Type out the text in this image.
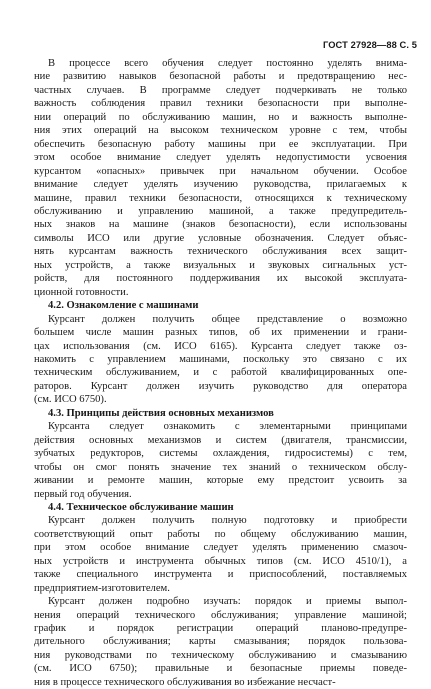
ГОСТ 27928—88 С. 5

В процессе всего обучения следует постоянно уделять внима-
ние развитию навыков безопасной работы и предотвращению нес-
частных случаев. В программе следует подчеркивать не только
важность соблюдения правил техники безопасности при выполне-
нии операций по обслуживанию машин, но и важность выполне-
ния этих операций на высоком техническом уровне с тем, чтобы
обеспечить безопасную работу машины при ее эксплуатации. При
этом особое внимание следует уделять недопустимости усвоения
курсантом «опасных» привычек при начальном обучении. Особое
внимание следует уделять изучению руководства, прилагаемых к
машине, правил техники безопасности, относящихся к техническому
обслуживанию и управлению машиной, а также предупредитель-
ных знаков на машине (знаков безопасности), если использованы
символы ИСО или другие условные обозначения. Следует объяс-
нять курсантам важность технического обслуживания всех защит-
ных устройств, а также визуальных и звуковых сигнальных уст-
ройств, для постоянного поддерживания их высокой эксплуата-
ционной готовности.

4.2. Ознакомление с машинами

Курсант должен получить общее представление о возможно
большем числе машин разных типов, об их применении и грани-
цах использования (см. ИСО 6165). Курсанта следует также оз-
накомить с управлением машинами, поскольку это связано с их
техническим обслуживанием, и с работой квалифицированных опе-
раторов. Курсант должен изучить руководство для оператора
(см. ИСО 6750).

4.3. Принципы действия основных механизмов

Курсанта следует ознакомить с элементарными принципами
действия основных механизмов и систем (двигателя, трансмиссии,
зубчатых редукторов, системы охлаждения, гидросистемы) с тем,
чтобы он смог понять значение тех знаний о техническом обслу-
живании и ремонте машин, которые ему предстоит усвоить за
первый год обучения.

4.4. Техническое обслуживание машин

Курсант должен получить полную подготовку и приобрести
соответствующий опыт работы по общему обслуживанию машин,
при этом особое внимание следует уделять применению смазоч-
ных устройств и инструмента обычных типов (см. ИСО 4510/1), а
также специального инструмента и приспособлений, поставляемых
предприятием-изготовителем.

Курсант должен подробно изучать: порядок и приемы выпол-
нения операций технического обслуживания; управление машиной;
график и порядок регистрации операций планово-предупре-
дительного обслуживания; карты смазывания; порядок пользова-
ния руководствами по техническому обслуживанию и смазыванию
(см. ИСО 6750); правильные и безопасные приемы поведе-
ния в процессе технического обслуживания во избежание несчаст-
